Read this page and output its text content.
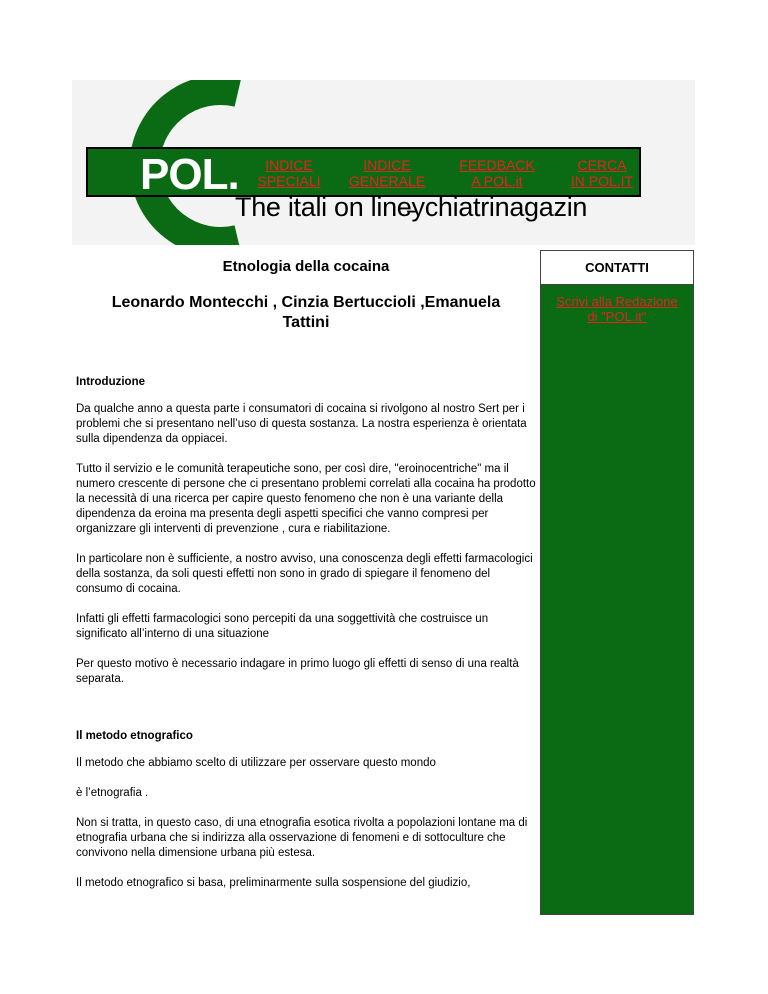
POL.	INDICE
SPECIALI
INDICE
GENERALE
FEEDBACK
A POL.it
CERCA
IN POL.IT
The itali on line̵ychiatrinagazin
CONTATTI
Scrivi alla Redazione
di "POL.it"
Etnologia della cocaina
Leonardo Montecchi , Cinzia Bertuccioli ,Emanuela
Tattini

Introduzione

Da qualche anno a questa parte i consumatori di cocaina si rivolgono al nostro Sert per i problemi che si presentano nell’uso di questa sostanza. La nostra esperienza è orientata sulla dipendenza da oppiacei.

Tutto il servizio e le comunità terapeutiche sono, per così dire, "eroinocentriche" ma il numero crescente di persone che ci presentano problemi correlati alla cocaina ha prodotto la necessità di una ricerca per capire questo fenomeno che non è una variante della dipendenza da eroina ma presenta degli aspetti specifici che vanno compresi per organizzare gli interventi di prevenzione , cura e riabilitazione.

In particolare non è sufficiente, a nostro avviso, una conoscenza degli effetti farmacologici della sostanza, da soli questi effetti non sono in grado di spiegare il fenomeno del consumo di cocaina.

Infatti gli effetti farmacologici sono percepiti da una soggettività che costruisce un significato all’interno di una situazione

Per questo motivo è necessario indagare in primo luogo gli effetti di senso di una realtà separata.

Il metodo etnografico

Il metodo che abbiamo scelto di utilizzare per osservare questo mondo

è l’etnografia .

Non si tratta, in questo caso, di una etnografia esotica rivolta a popolazioni lontane ma di etnografia urbana che si indirizza alla osservazione di fenomeni e di sottoculture che convivono nella dimensione urbana più estesa.

Il metodo etnografico si basa, preliminarmente sulla sospensione del giudizio,
